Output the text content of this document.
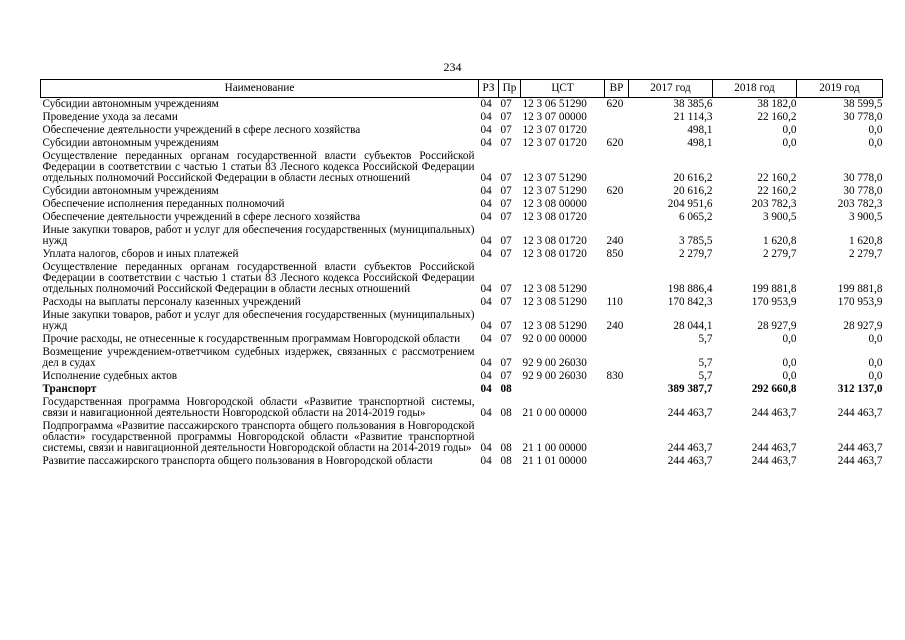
234
Наименование	РЗ	Пр	ЦСТ	ВР	2017 год	2018 год	2019 год
Субсидии автономным учреждениям	04	07	12 3 06 51290	620	38 385,6	38 182,0	38 599,5
Проведение ухода за лесами	04	07	12 3 07 00000		21 114,3	22 160,2	30 778,0
Обеспечение деятельности учреждений в сфере лесного хозяйства	04	07	12 3 07 01720		498,1	0,0	0,0
Субсидии автономным учреждениям	04	07	12 3 07 01720	620	498,1	0,0	0,0
Осуществление переданных органам государственной власти субъектов Российской Федерации в соответствии с частью 1 статьи 83 Лесного кодекса Российской Федерации отдельных полномочий Российской Федерации в области лесных отношений	04	07	12 3 07 51290		20 616,2	22 160,2	30 778,0
Субсидии автономным учреждениям	04	07	12 3 07 51290	620	20 616,2	22 160,2	30 778,0
Обеспечение исполнения переданных полномочий	04	07	12 3 08 00000		204 951,6	203 782,3	203 782,3
Обеспечение деятельности учреждений в сфере лесного хозяйства	04	07	12 3 08 01720		6 065,2	3 900,5	3 900,5
Иные закупки товаров, работ и услуг для обеспечения государственных (муниципальных) нужд	04	07	12 3 08 01720	240	3 785,5	1 620,8	1 620,8
Уплата налогов, сборов и иных платежей	04	07	12 3 08 01720	850	2 279,7	2 279,7	2 279,7
Осуществление переданных органам государственной власти субъектов Российской Федерации в соответствии с частью 1 статьи 83 Лесного кодекса Российской Федерации отдельных полномочий Российской Федерации в области лесных отношений	04	07	12 3 08 51290		198 886,4	199 881,8	199 881,8
Расходы на выплаты персоналу казенных учреждений	04	07	12 3 08 51290	110	170 842,3	170 953,9	170 953,9
Иные закупки товаров, работ и услуг для обеспечения государственных (муниципальных) нужд	04	07	12 3 08 51290	240	28 044,1	28 927,9	28 927,9
Прочие расходы, не отнесенные к государственным программам Новгородской области	04	07	92 0 00 00000		5,7	0,0	0,0
Возмещение учреждением-ответчиком судебных издержек, связанных с рассмотрением дел в судах	04	07	92 9 00 26030		5,7	0,0	0,0
Исполнение судебных актов	04	07	92 9 00 26030	830	5,7	0,0	0,0
Транспорт	04	08			389 387,7	292 660,8	312 137,0
Государственная программа Новгородской области «Развитие транспортной системы, связи и навигационной деятельности Новгородской области на 2014-2019 годы»	04	08	21 0 00 00000		244 463,7	244 463,7	244 463,7
Подпрограмма «Развитие пассажирского транспорта общего пользования в Новгородской области» государственной программы Новгородской области «Развитие транспортной системы, связи и навигационной деятельности Новгородской области на 2014-2019 годы»	04	08	21 1 00 00000		244 463,7	244 463,7	244 463,7
Развитие пассажирского транспорта общего пользования в Новгородской области	04	08	21 1 01 00000		244 463,7	244 463,7	244 463,7
